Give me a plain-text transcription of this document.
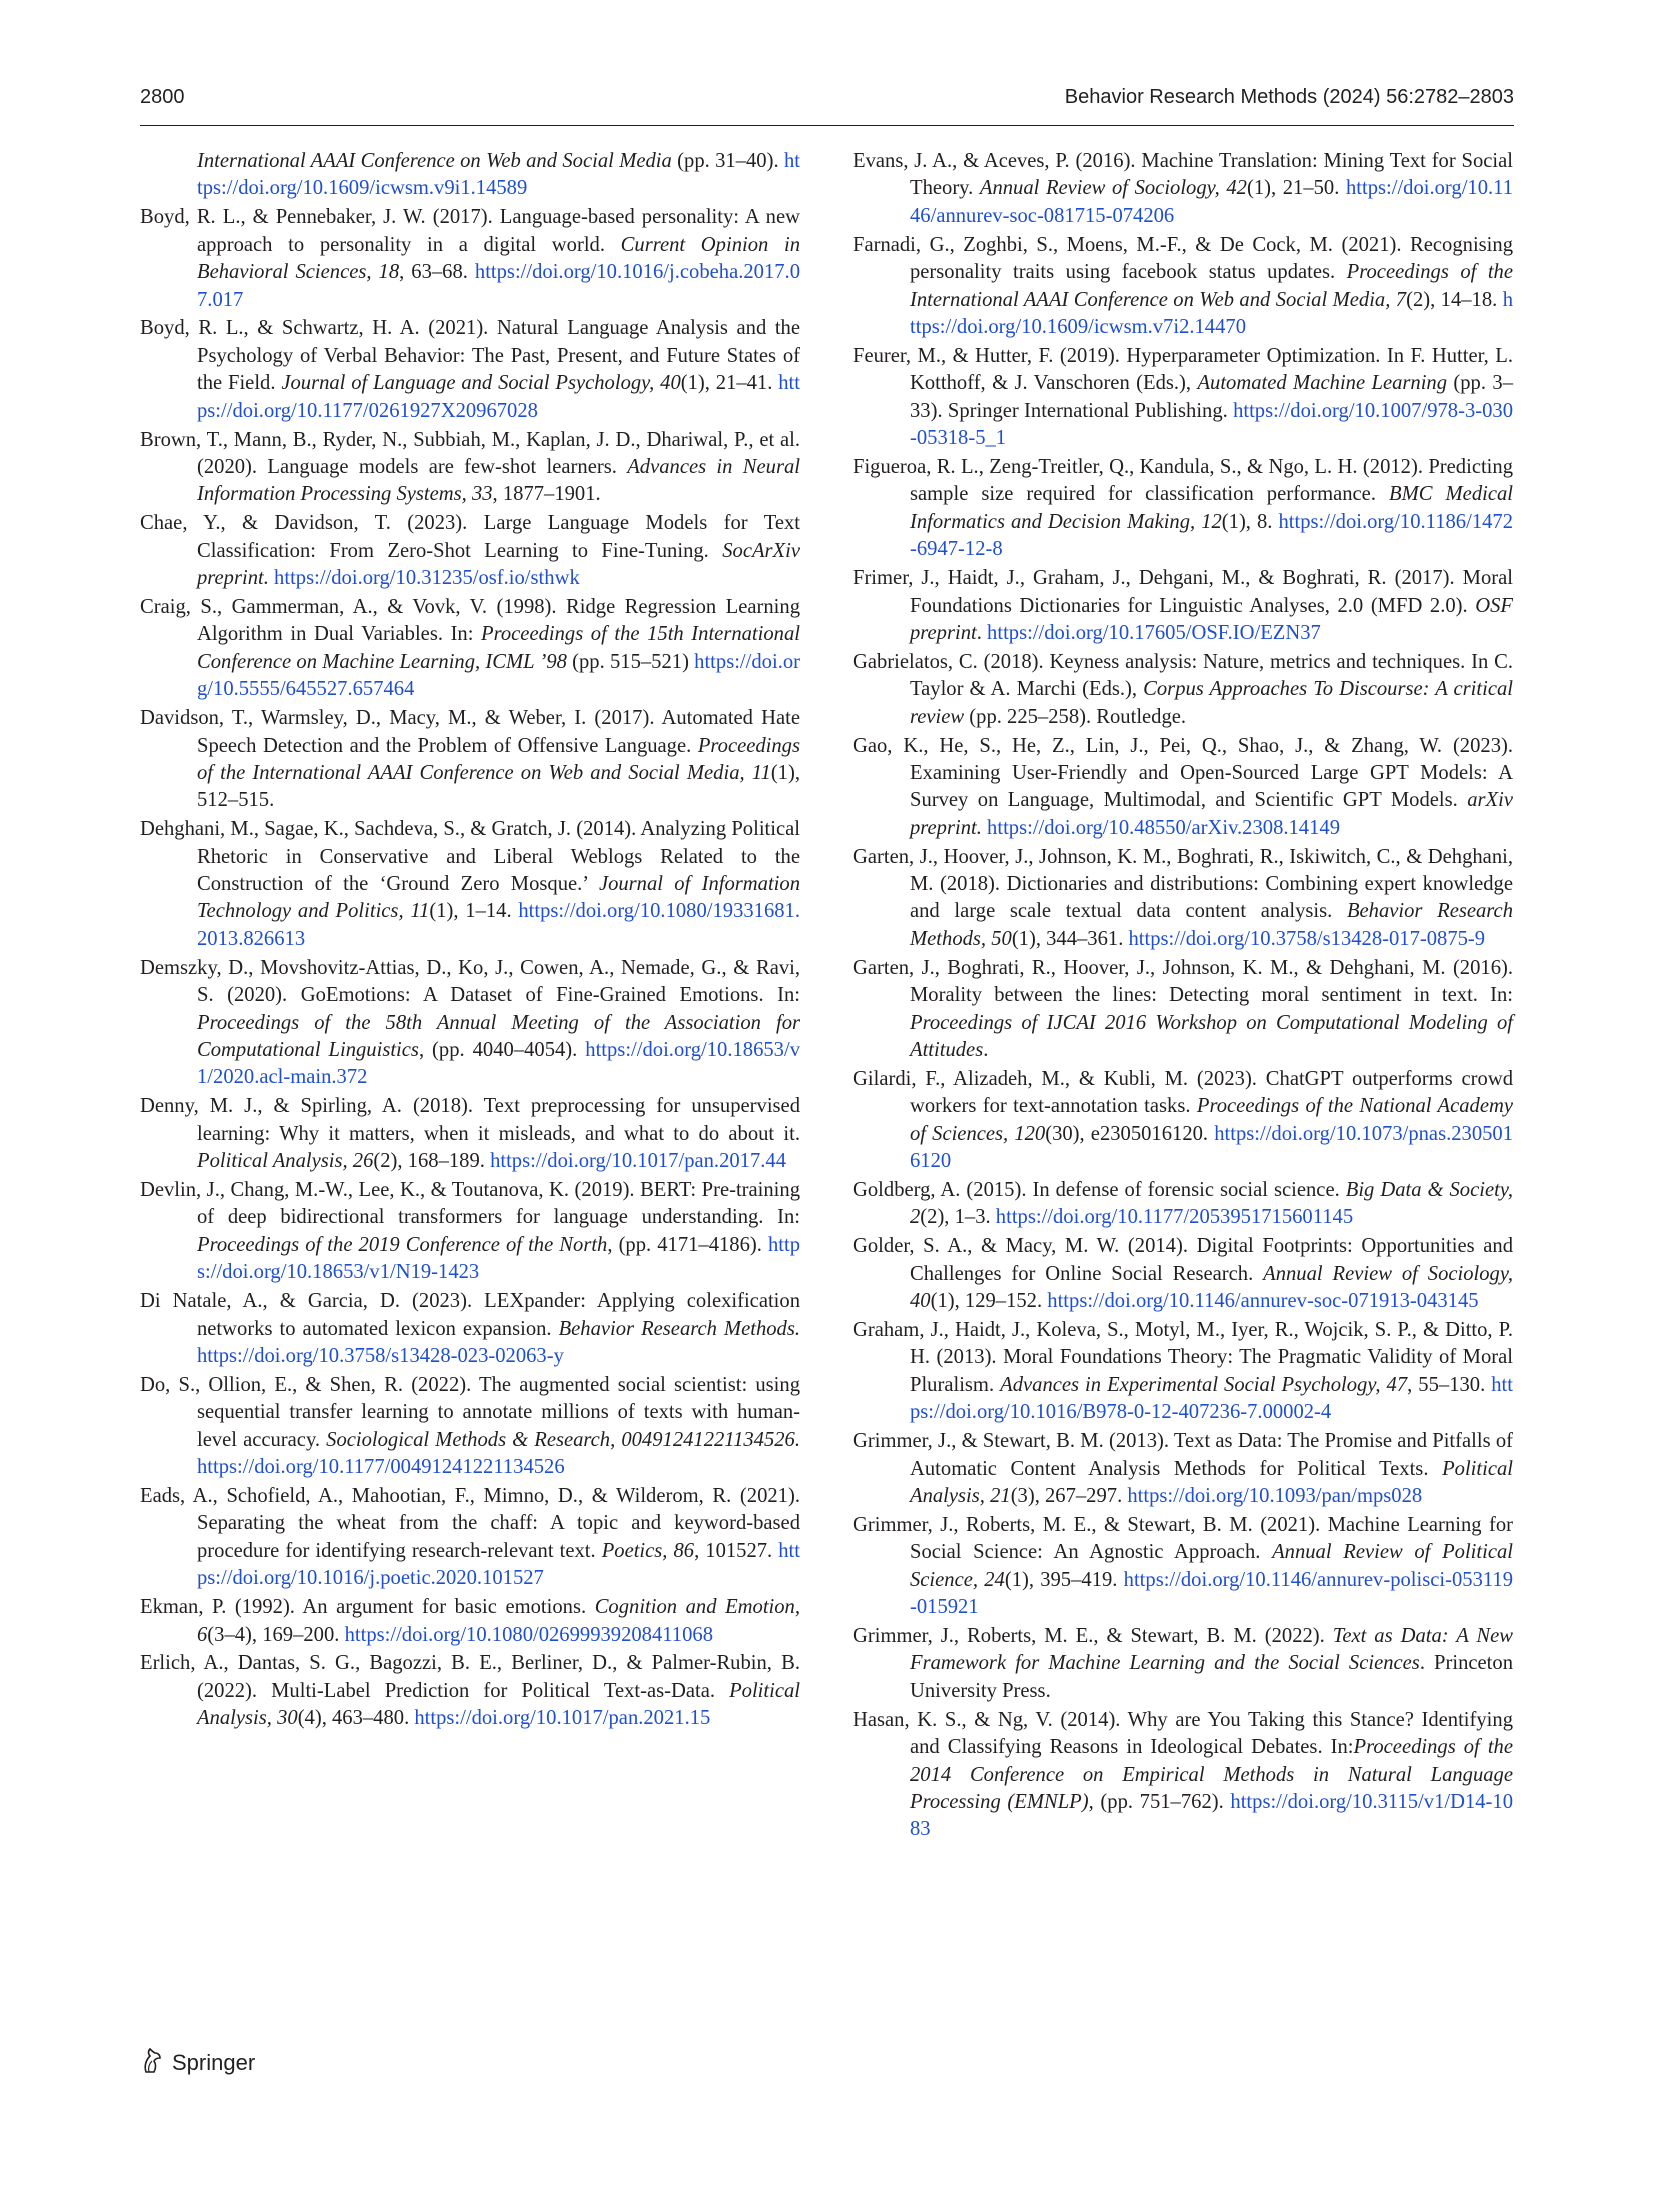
2800	Behavior Research Methods (2024) 56:2782–2803
International AAAI Conference on Web and Social Media (pp. 31–40). https://doi.org/10.1609/icwsm.v9i1.14589
Boyd, R. L., & Pennebaker, J. W. (2017). Language-based personality: A new approach to personality in a digital world. Current Opinion in Behavioral Sciences, 18, 63–68. https://doi.org/10.1016/j.cobeha.2017.07.017
Boyd, R. L., & Schwartz, H. A. (2021). Natural Language Analysis and the Psychology of Verbal Behavior: The Past, Present, and Future States of the Field. Journal of Language and Social Psychology, 40(1), 21–41. https://doi.org/10.1177/0261927X20967028
Brown, T., Mann, B., Ryder, N., Subbiah, M., Kaplan, J. D., Dhariwal, P., et al. (2020). Language models are few-shot learners. Advances in Neural Information Processing Systems, 33, 1877–1901.
Chae, Y., & Davidson, T. (2023). Large Language Models for Text Classification: From Zero-Shot Learning to Fine-Tuning. SocArXiv preprint. https://doi.org/10.31235/osf.io/sthwk
Craig, S., Gammerman, A., & Vovk, V. (1998). Ridge Regression Learning Algorithm in Dual Variables. In: Proceedings of the 15th International Conference on Machine Learning, ICML ’98 (pp. 515–521) https://doi.org/10.5555/645527.657464
Davidson, T., Warmsley, D., Macy, M., & Weber, I. (2017). Automated Hate Speech Detection and the Problem of Offensive Language. Proceedings of the International AAAI Conference on Web and Social Media, 11(1), 512–515.
Dehghani, M., Sagae, K., Sachdeva, S., & Gratch, J. (2014). Analyzing Political Rhetoric in Conservative and Liberal Weblogs Related to the Construction of the ‘Ground Zero Mosque.’ Journal of Information Technology and Politics, 11(1), 1–14. https://doi.org/10.1080/19331681.2013.826613
Demszky, D., Movshovitz-Attias, D., Ko, J., Cowen, A., Nemade, G., & Ravi, S. (2020). GoEmotions: A Dataset of Fine-Grained Emotions. In: Proceedings of the 58th Annual Meeting of the Association for Computational Linguistics, (pp. 4040–4054). https://doi.org/10.18653/v1/2020.acl-main.372
Denny, M. J., & Spirling, A. (2018). Text preprocessing for unsupervised learning: Why it matters, when it misleads, and what to do about it. Political Analysis, 26(2), 168–189. https://doi.org/10.1017/pan.2017.44
Devlin, J., Chang, M.-W., Lee, K., & Toutanova, K. (2019). BERT: Pre-training of deep bidirectional transformers for language understanding. In: Proceedings of the 2019 Conference of the North, (pp. 4171–4186). https://doi.org/10.18653/v1/N19-1423
Di Natale, A., & Garcia, D. (2023). LEXpander: Applying colexification networks to automated lexicon expansion. Behavior Research Methods. https://doi.org/10.3758/s13428-023-02063-y
Do, S., Ollion, E., & Shen, R. (2022). The augmented social scientist: using sequential transfer learning to annotate millions of texts with human-level accuracy. Sociological Methods & Research, 00491241221134526. https://doi.org/10.1177/00491241221134526
Eads, A., Schofield, A., Mahootian, F., Mimno, D., & Wilderom, R. (2021). Separating the wheat from the chaff: A topic and keyword-based procedure for identifying research-relevant text. Poetics, 86, 101527. https://doi.org/10.1016/j.poetic.2020.101527
Ekman, P. (1992). An argument for basic emotions. Cognition and Emotion, 6(3–4), 169–200. https://doi.org/10.1080/02699939208411068
Erlich, A., Dantas, S. G., Bagozzi, B. E., Berliner, D., & Palmer-Rubin, B. (2022). Multi-Label Prediction for Political Text-as-Data. Political Analysis, 30(4), 463–480. https://doi.org/10.1017/pan.2021.15
Evans, J. A., & Aceves, P. (2016). Machine Translation: Mining Text for Social Theory. Annual Review of Sociology, 42(1), 21–50. https://doi.org/10.1146/annurev-soc-081715-074206
Farnadi, G., Zoghbi, S., Moens, M.-F., & De Cock, M. (2021). Recognising personality traits using facebook status updates. Proceedings of the International AAAI Conference on Web and Social Media, 7(2), 14–18. https://doi.org/10.1609/icwsm.v7i2.14470
Feurer, M., & Hutter, F. (2019). Hyperparameter Optimization. In F. Hutter, L. Kotthoff, & J. Vanschoren (Eds.), Automated Machine Learning (pp. 3–33). Springer International Publishing. https://doi.org/10.1007/978-3-030-05318-5_1
Figueroa, R. L., Zeng-Treitler, Q., Kandula, S., & Ngo, L. H. (2012). Predicting sample size required for classification performance. BMC Medical Informatics and Decision Making, 12(1), 8. https://doi.org/10.1186/1472-6947-12-8
Frimer, J., Haidt, J., Graham, J., Dehgani, M., & Boghrati, R. (2017). Moral Foundations Dictionaries for Linguistic Analyses, 2.0 (MFD 2.0). OSF preprint. https://doi.org/10.17605/OSF.IO/EZN37
Gabrielatos, C. (2018). Keyness analysis: Nature, metrics and techniques. In C. Taylor & A. Marchi (Eds.), Corpus Approaches To Discourse: A critical review (pp. 225–258). Routledge.
Gao, K., He, S., He, Z., Lin, J., Pei, Q., Shao, J., & Zhang, W. (2023). Examining User-Friendly and Open-Sourced Large GPT Models: A Survey on Language, Multimodal, and Scientific GPT Models. arXiv preprint. https://doi.org/10.48550/arXiv.2308.14149
Garten, J., Hoover, J., Johnson, K. M., Boghrati, R., Iskiwitch, C., & Dehghani, M. (2018). Dictionaries and distributions: Combining expert knowledge and large scale textual data content analysis. Behavior Research Methods, 50(1), 344–361. https://doi.org/10.3758/s13428-017-0875-9
Garten, J., Boghrati, R., Hoover, J., Johnson, K. M., & Dehghani, M. (2016). Morality between the lines: Detecting moral sentiment in text. In: Proceedings of IJCAI 2016 Workshop on Computational Modeling of Attitudes.
Gilardi, F., Alizadeh, M., & Kubli, M. (2023). ChatGPT outperforms crowd workers for text-annotation tasks. Proceedings of the National Academy of Sciences, 120(30), e2305016120. https://doi.org/10.1073/pnas.2305016120
Goldberg, A. (2015). In defense of forensic social science. Big Data & Society, 2(2), 1–3. https://doi.org/10.1177/2053951715601145
Golder, S. A., & Macy, M. W. (2014). Digital Footprints: Opportunities and Challenges for Online Social Research. Annual Review of Sociology, 40(1), 129–152. https://doi.org/10.1146/annurev-soc-071913-043145
Graham, J., Haidt, J., Koleva, S., Motyl, M., Iyer, R., Wojcik, S. P., & Ditto, P. H. (2013). Moral Foundations Theory: The Pragmatic Validity of Moral Pluralism. Advances in Experimental Social Psychology, 47, 55–130. https://doi.org/10.1016/B978-0-12-407236-7.00002-4
Grimmer, J., & Stewart, B. M. (2013). Text as Data: The Promise and Pitfalls of Automatic Content Analysis Methods for Political Texts. Political Analysis, 21(3), 267–297. https://doi.org/10.1093/pan/mps028
Grimmer, J., Roberts, M. E., & Stewart, B. M. (2021). Machine Learning for Social Science: An Agnostic Approach. Annual Review of Political Science, 24(1), 395–419. https://doi.org/10.1146/annurev-polisci-053119-015921
Grimmer, J., Roberts, M. E., & Stewart, B. M. (2022). Text as Data: A New Framework for Machine Learning and the Social Sciences. Princeton University Press.
Hasan, K. S., & Ng, V. (2014). Why are You Taking this Stance? Identifying and Classifying Reasons in Ideological Debates. In:Proceedings of the 2014 Conference on Empirical Methods in Natural Language Processing (EMNLP), (pp. 751–762). https://doi.org/10.3115/v1/D14-1083
Springer
